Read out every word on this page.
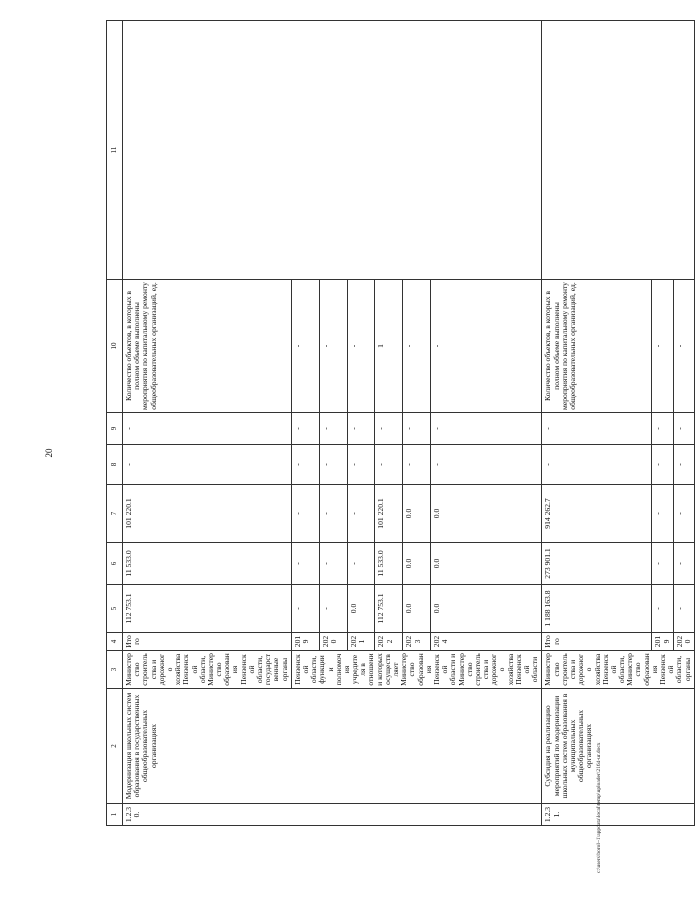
20
1	2	3	4	5	6	7	8	9	10	11
1.2.30.	Модернизация школьных систем образования в государственных общеобразовательных организациях	Министерство строительства и дорожного хозяйства Пензенской области, Министерство образования Пензенской области, государственные органы	Итого	112 753.1	11 533.0	101 220.1	-	-	Количество объектов, в которых в полном объеме выполнены мероприятия по капитальному ремонту общеобразовательных организаций, ед.	
		Пензенской области, функции и полномочия учредителя в отношении которых осуществляет Министерство образования Пензенской области и Министерство строительства и дорожного хозяйства Пензенской области	2019	-	-	-	-	-	-	
			2020	-	-	-	-	-	-	
			2021	0.0	-	-	-	-	-	
			2022	112 753.1	11 533.0	101 220.1	-	-	1	
			2023	0.0	0.0	0.0	-	-	-	
			2024	0.0	0.0	0.0	-	-	-	
1.2.31.	Субсидия на реализацию мероприятий по модернизации школьных систем образования в муниципальных общеобразовательных организациях	Министерство строительства и дорожного хозяйства Пензенской области, Министерство образования Пензенской области, органы	Итого	1 188 163.8	273 901.1	914 262.7	-	-	Количество объектов, в которых в полном объеме выполнены мероприятия по капитальному ремонту общеобразовательных организаций, ед.	
			2019	-	-	-	-	-	-	
			2020	-	-	-	-	-	-	
c:\users\borol~1\appdata\local\temp\uploader\2164-ur.docx
